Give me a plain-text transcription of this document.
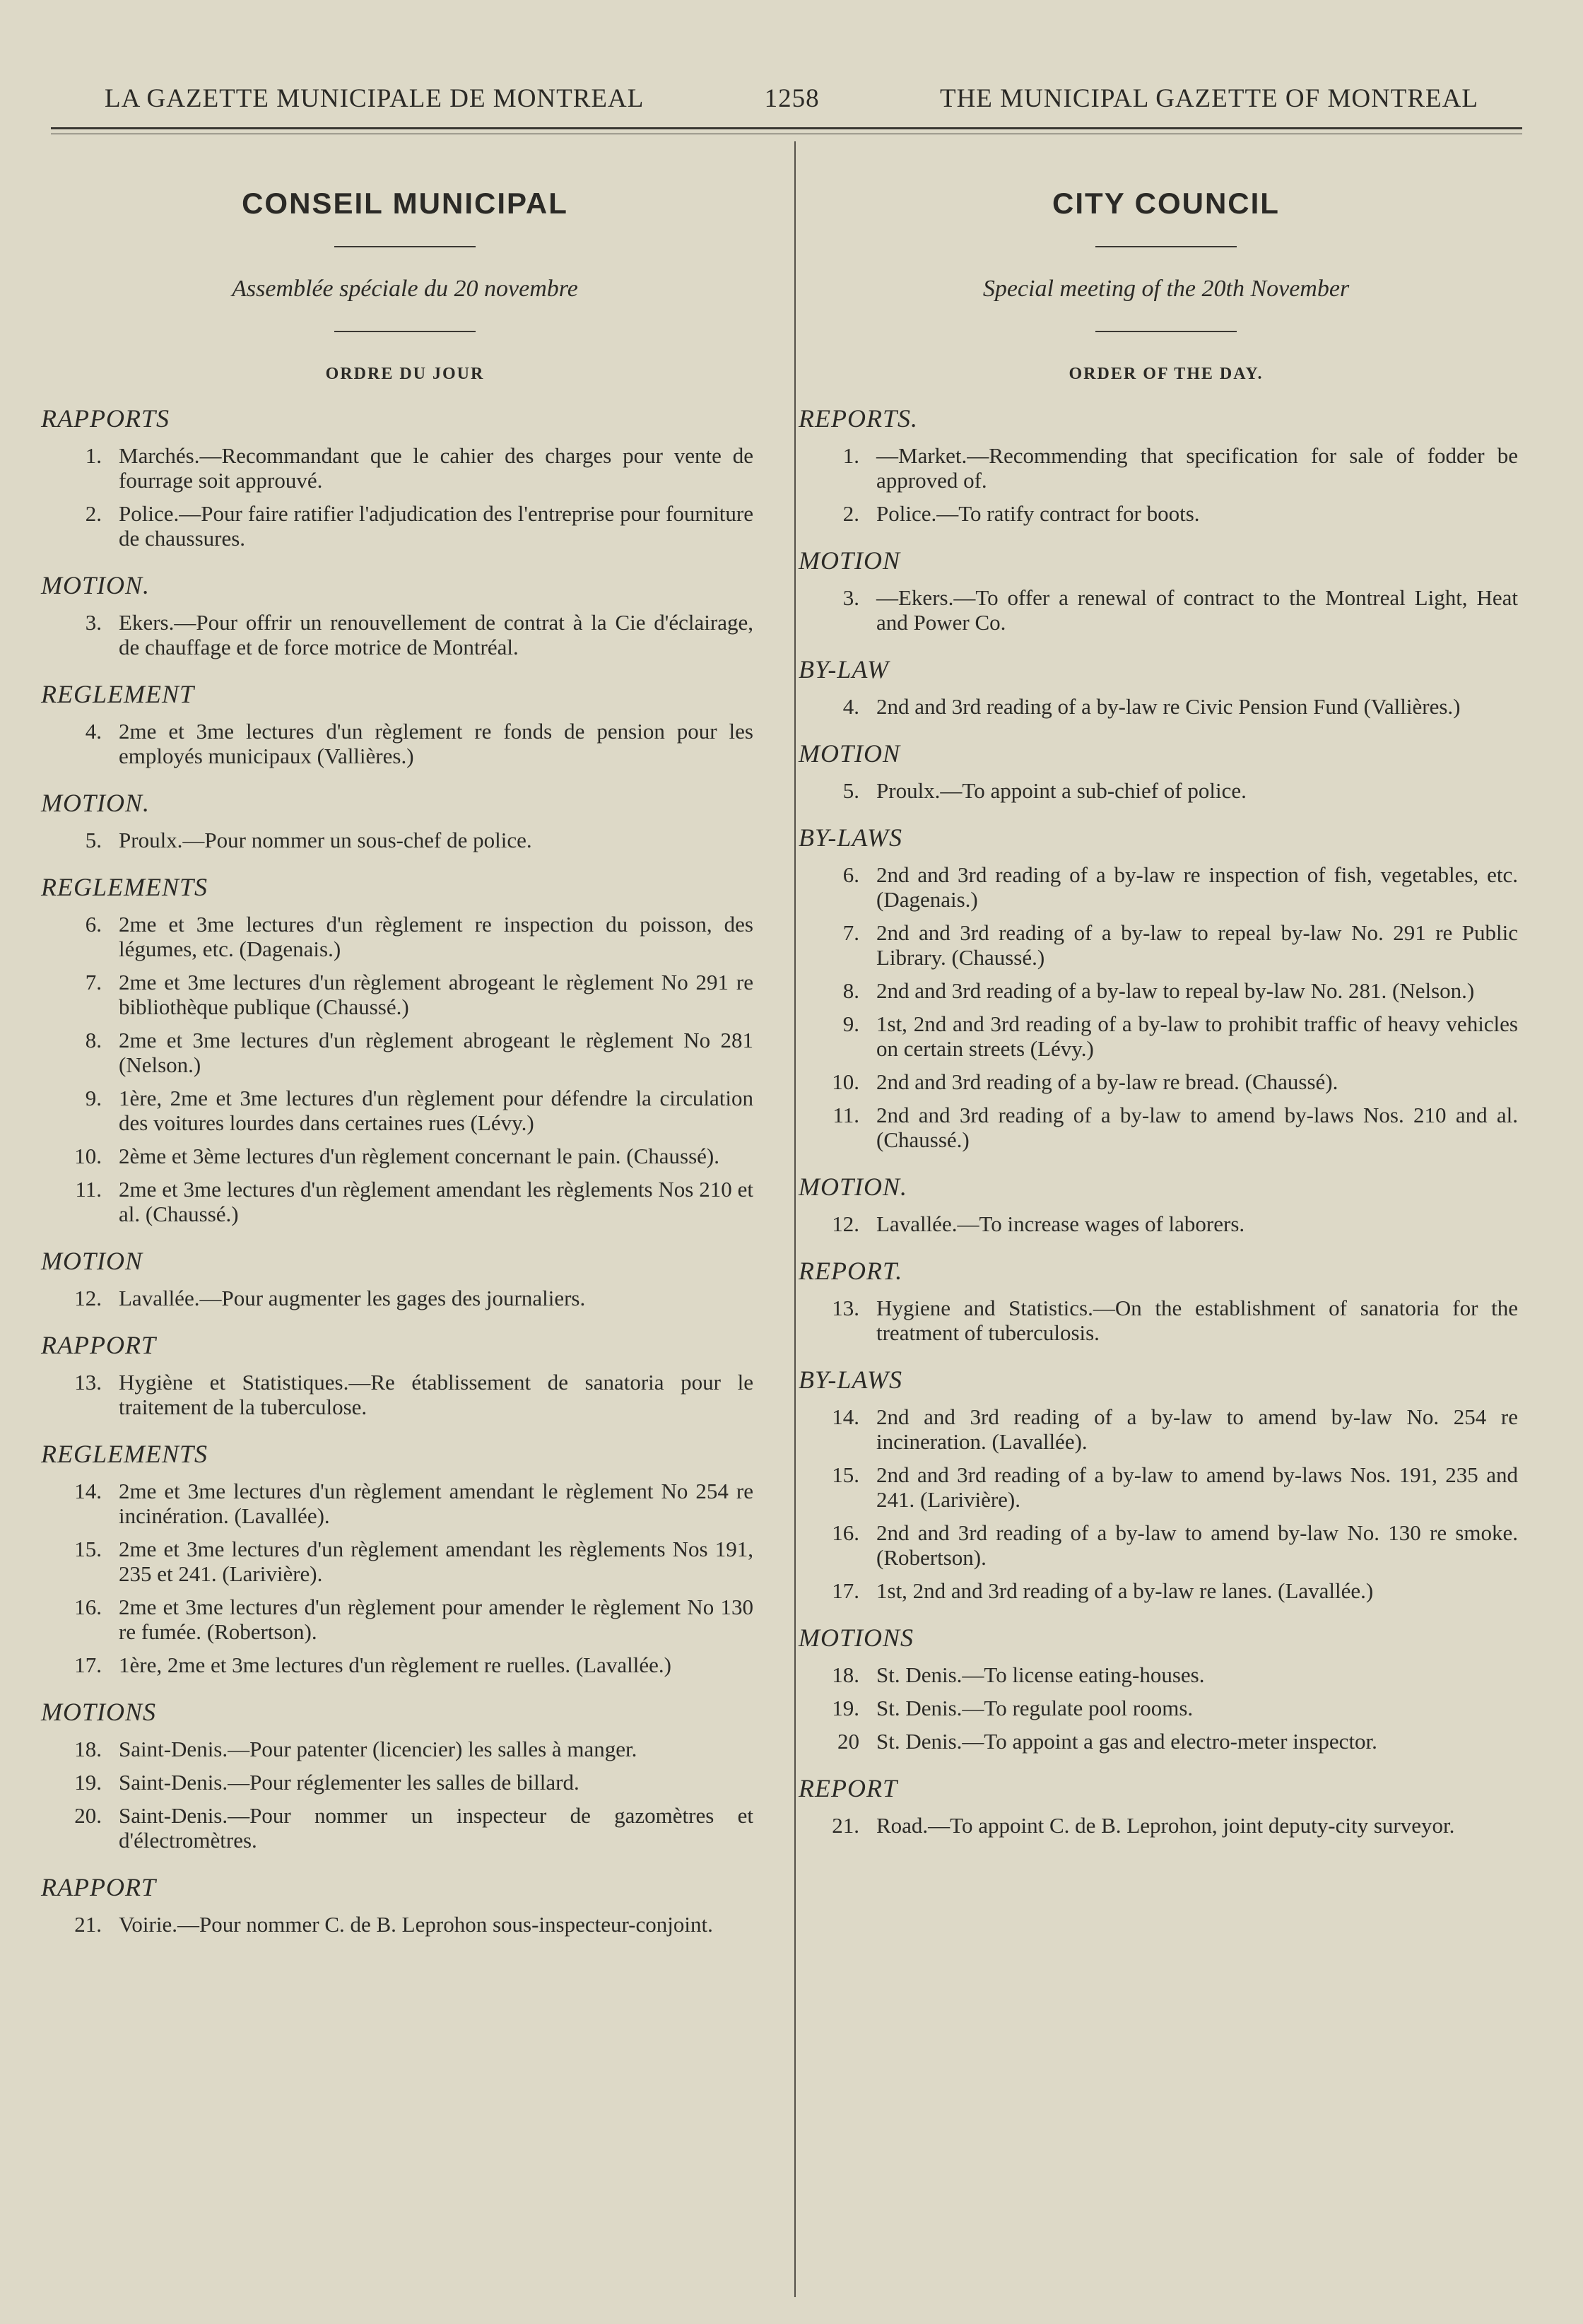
LA GAZETTE MUNICIPALE DE MONTREAL	1258	THE MUNICIPAL GAZETTE OF MONTREAL
CONSEIL MUNICIPAL
Assemblée spéciale du 20 novembre
ORDRE DU JOUR
RAPPORTS
1. Marchés.—Recommandant que le cahier des charges pour vente de fourrage soit approuvé.
2. Police.—Pour faire ratifier l'adjudication des l'entreprise pour fourniture de chaussures.
MOTION.
3. Ekers.—Pour offrir un renouvellement de contrat à la Cie d'éclairage, de chauffage et de force motrice de Montréal.
REGLEMENT
4. 2me et 3me lectures d'un règlement re fonds de pension pour les employés municipaux (Vallières.)
MOTION.
5. Proulx.—Pour nommer un sous-chef de police.
REGLEMENTS
6. 2me et 3me lectures d'un règlement re inspection du poisson, des légumes, etc. (Dagenais.)
7. 2me et 3me lectures d'un règlement abrogeant le règlement No 291 re bibliothèque publique (Chaussé.)
8. 2me et 3me lectures d'un règlement abrogeant le règlement No 281 (Nelson.)
9. 1ère, 2me et 3me lectures d'un règlement pour défendre la circulation des voitures lourdes dans certaines rues (Lévy.)
10. 2ème et 3ème lectures d'un règlement concernant le pain. (Chaussé).
11. 2me et 3me lectures d'un règlement amendant les règlements Nos 210 et al. (Chaussé.)
MOTION
12. Lavallée.—Pour augmenter les gages des journaliers.
RAPPORT
13. Hygiène et Statistiques.—Re établissement de sanatoria pour le traitement de la tuberculose.
REGLEMENTS
14. 2me et 3me lectures d'un règlement amendant le règlement No 254 re incinération. (Lavallée).
15. 2me et 3me lectures d'un règlement amendant les règlements Nos 191, 235 et 241. (Larivière).
16. 2me et 3me lectures d'un règlement pour amender le règlement No 130 re fumée. (Robertson).
17. 1ère, 2me et 3me lectures d'un règlement re ruelles. (Lavallée.)
MOTIONS
18. Saint-Denis.—Pour patenter (licencier) les salles à manger.
19. Saint-Denis.—Pour réglementer les salles de billard.
20. Saint-Denis.—Pour nommer un inspecteur de gazomètres et d'électromètres.
RAPPORT
21. Voirie.—Pour nommer C. de B. Leprohon sous-inspecteur-conjoint.
CITY COUNCIL
Special meeting of the 20th November
ORDER OF THE DAY.
REPORTS.
1. —Market.—Recommending that specification for sale of fodder be approved of.
2. Police.—To ratify contract for boots.
MOTION
3. —Ekers.—To offer a renewal of contract to the Montreal Light, Heat and Power Co.
BY-LAW
4. 2nd and 3rd reading of a by-law re Civic Pension Fund (Vallières.)
MOTION
5. Proulx.—To appoint a sub-chief of police.
BY-LAWS
6. 2nd and 3rd reading of a by-law re inspection of fish, vegetables, etc. (Dagenais.)
7. 2nd and 3rd reading of a by-law to repeal by-law No. 291 re Public Library. (Chaussé.)
8. 2nd and 3rd reading of a by-law to repeal by-law No. 281. (Nelson.)
9. 1st, 2nd and 3rd reading of a by-law to prohibit traffic of heavy vehicles on certain streets (Lévy.)
10. 2nd and 3rd reading of a by-law re bread. (Chaussé).
11. 2nd and 3rd reading of a by-law to amend by-laws Nos. 210 and al. (Chaussé.)
MOTION.
12. Lavallée.—To increase wages of laborers.
REPORT.
13. Hygiene and Statistics.—On the establishment of sanatoria for the treatment of tuberculosis.
BY-LAWS
14. 2nd and 3rd reading of a by-law to amend by-law No. 254 re incineration. (Lavallée).
15. 2nd and 3rd reading of a by-law to amend by-laws Nos. 191, 235 and 241. (Larivière).
16. 2nd and 3rd reading of a by-law to amend by-law No. 130 re smoke. (Robertson).
17. 1st, 2nd and 3rd reading of a by-law re lanes. (Lavallée.)
MOTIONS
18. St. Denis.—To license eating-houses.
19. St. Denis.—To regulate pool rooms.
20 St. Denis.—To appoint a gas and electro-meter inspector.
REPORT
21. Road.—To appoint C. de B. Leprohon, joint deputy-city surveyor.
